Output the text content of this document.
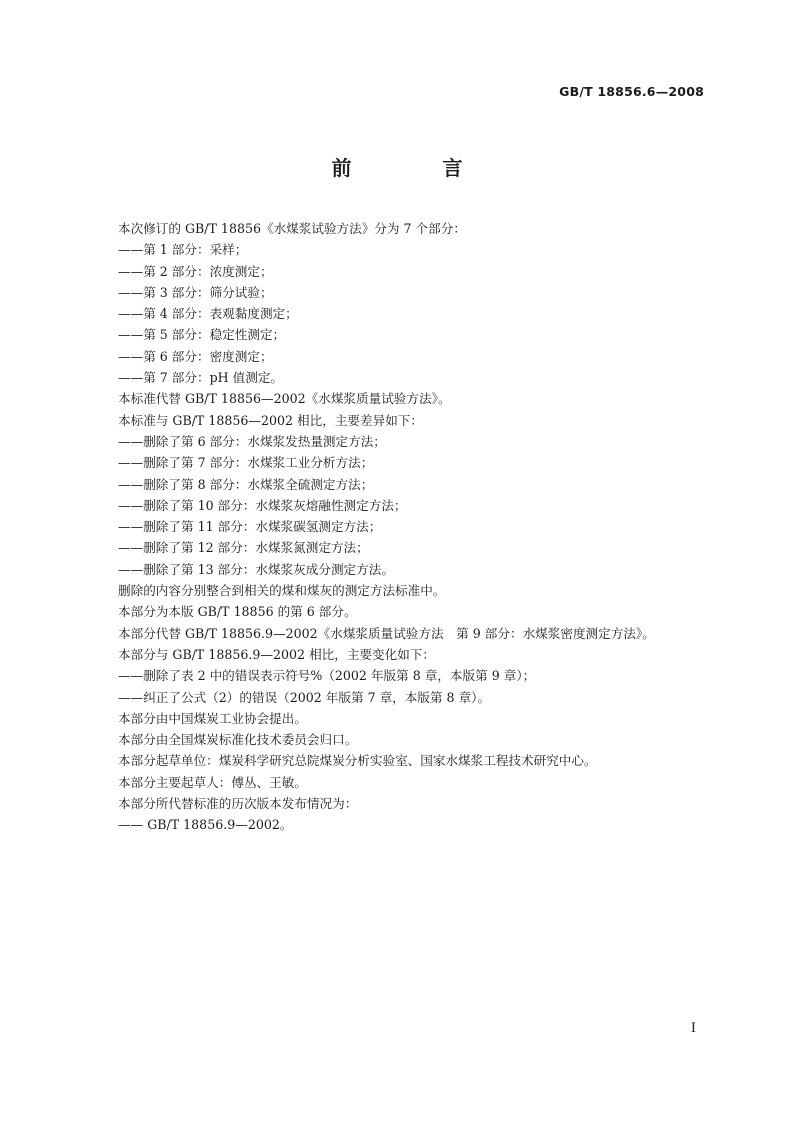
GB/T 18856.6—2008
前 言
本次修订的 GB/T 18856《水煤浆试验方法》分为 7 个部分：
——第 1 部分：采样；
——第 2 部分：浓度测定；
——第 3 部分：筛分试验；
——第 4 部分：表观黏度测定；
——第 5 部分：稳定性测定；
——第 6 部分：密度测定；
——第 7 部分：pH 值测定。
本标准代替 GB/T 18856—2002《水煤浆质量试验方法》。
本标准与 GB/T 18856—2002 相比，主要差异如下：
——删除了第 6 部分：水煤浆发热量测定方法；
——删除了第 7 部分：水煤浆工业分析方法；
——删除了第 8 部分：水煤浆全硫测定方法；
——删除了第 10 部分：水煤浆灰熔融性测定方法；
——删除了第 11 部分：水煤浆碳氢测定方法；
——删除了第 12 部分：水煤浆氮测定方法；
——删除了第 13 部分：水煤浆灰成分测定方法。
删除的内容分别整合到相关的煤和煤灰的测定方法标准中。
本部分为本版 GB/T 18856 的第 6 部分。
本部分代替 GB/T 18856.9—2002《水煤浆质量试验方法　第 9 部分：水煤浆密度测定方法》。
本部分与 GB/T 18856.9—2002 相比，主要变化如下：
——删除了表 2 中的错误表示符号%（2002 年版第 8 章，本版第 9 章）；
——纠正了公式（2）的错误（2002 年版第 7 章，本版第 8 章）。
本部分由中国煤炭工业协会提出。
本部分由全国煤炭标准化技术委员会归口。
本部分起草单位：煤炭科学研究总院煤炭分析实验室、国家水煤浆工程技术研究中心。
本部分主要起草人：傅丛、王敏。
本部分所代替标准的历次版本发布情况为：
—— GB/T 18856.9—2002。
I
